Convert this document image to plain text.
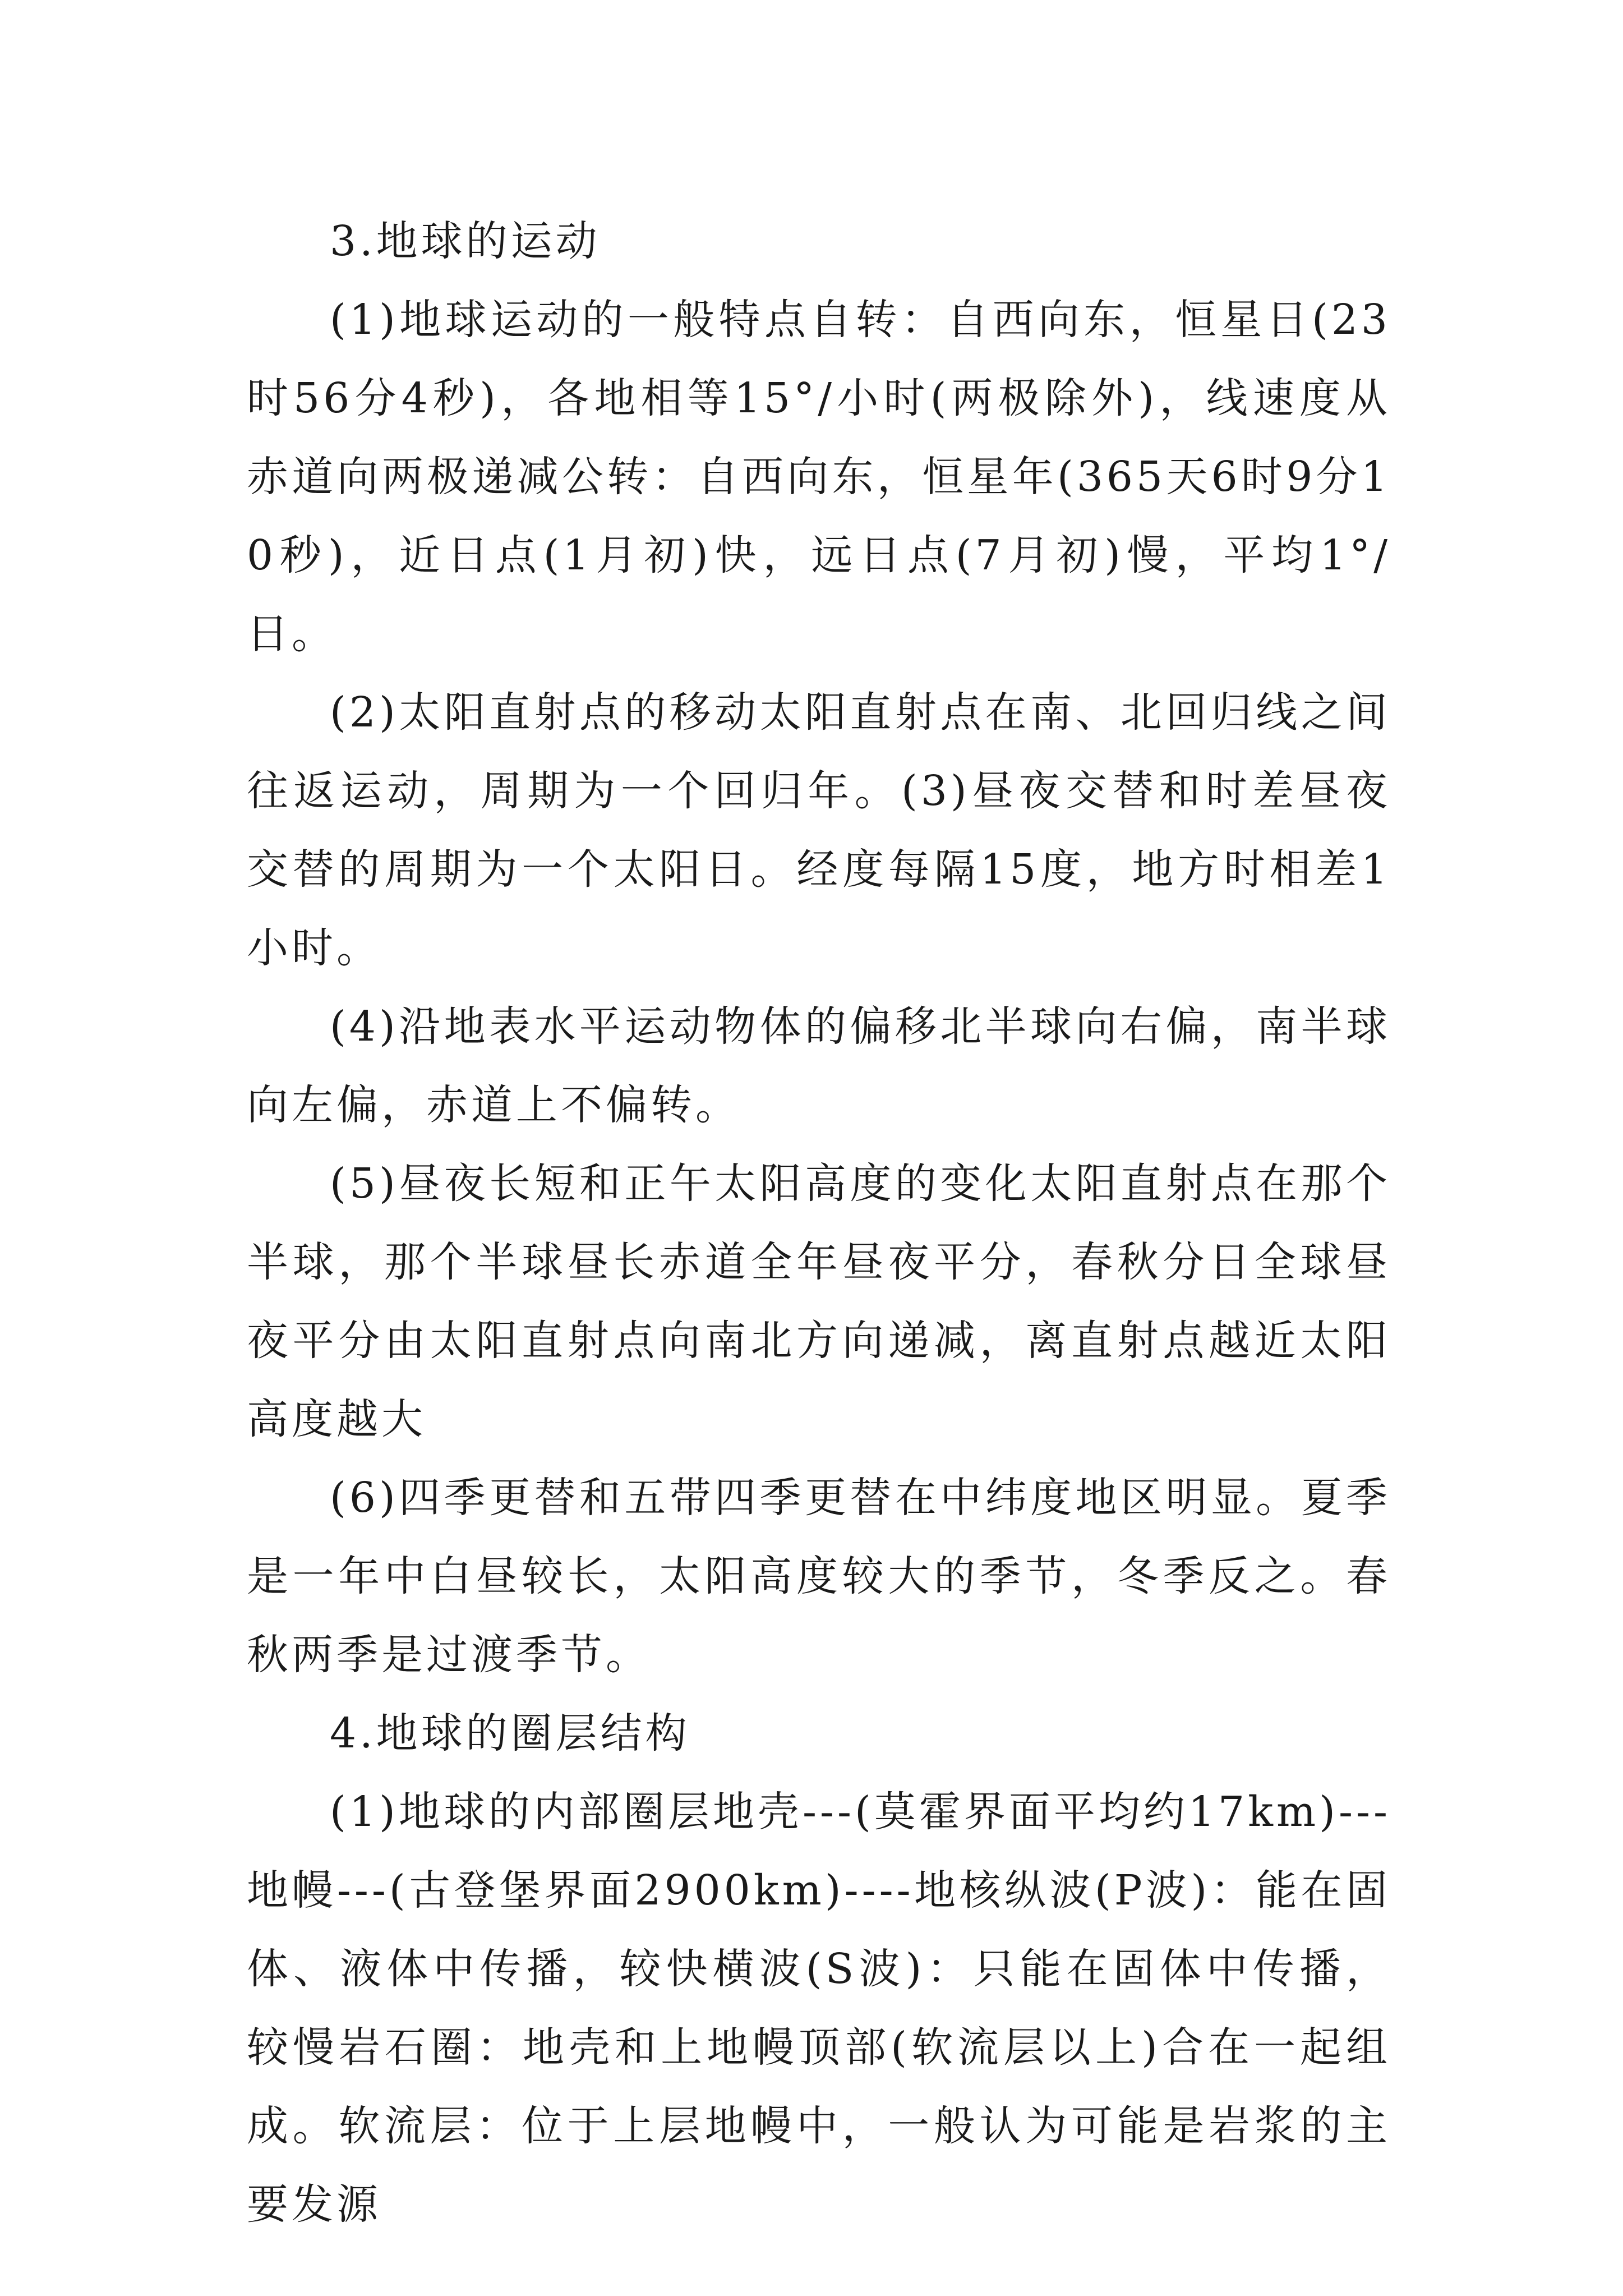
3.地球的运动

(1)地球运动的一般特点自转：自西向东，恒星日(23时56分4秒)，各地相等15°/小时(两极除外)，线速度从赤道向两极递减公转：自西向东，恒星年(365天6时9分10秒)，近日点(1月初)快，远日点(7月初)慢，平均1°/日。

(2)太阳直射点的移动太阳直射点在南、北回归线之间往返运动，周期为一个回归年。(3)昼夜交替和时差昼夜交替的周期为一个太阳日。经度每隔15度，地方时相差1小时。

(4)沿地表水平运动物体的偏移北半球向右偏，南半球向左偏，赤道上不偏转。

(5)昼夜长短和正午太阳高度的变化太阳直射点在那个半球，那个半球昼长赤道全年昼夜平分，春秋分日全球昼夜平分由太阳直射点向南北方向递减，离直射点越近太阳高度越大

(6)四季更替和五带四季更替在中纬度地区明显。夏季是一年中白昼较长，太阳高度较大的季节，冬季反之。春秋两季是过渡季节。

4.地球的圈层结构

(1)地球的内部圈层地壳---(莫霍界面平均约17km)---地幔---(古登堡界面2900km)----地核纵波(P波)：能在固体、液体中传播，较快横波(S波)：只能在固体中传播，较慢岩石圈：地壳和上地幔顶部(软流层以上)合在一起组成。软流层：位于上层地幔中，一般认为可能是岩浆的主要发源
